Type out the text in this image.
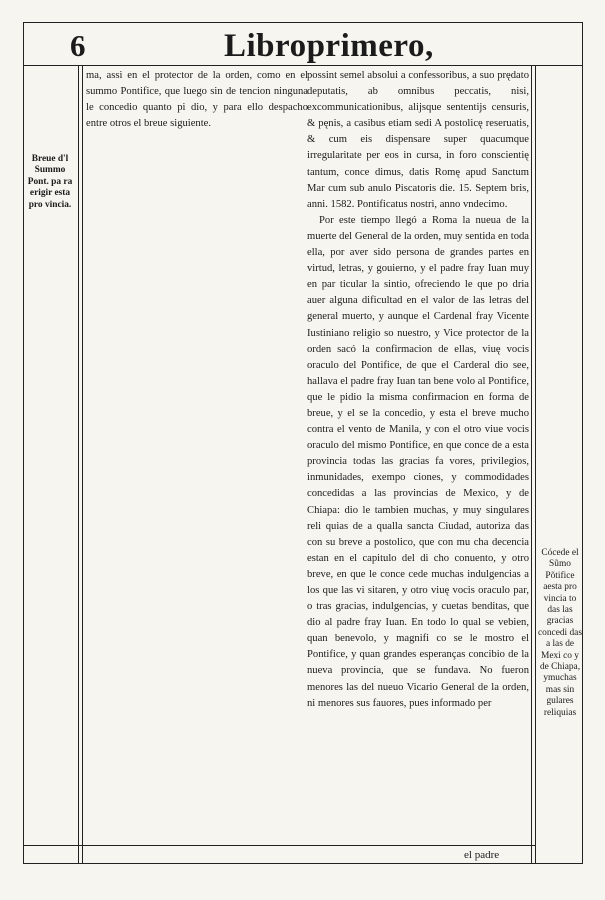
6	Libroprimero,
Breue d'l Summo Pont. pa ra erigir esta pro vincia.
Cócede el Sũmo Põtifice aesta pro vincia to das las gracias concedi das a las de Mexi co y de Chiapa, ymuchas mas sin gulares reliquias

ma, assi en el protector de la orden, como en el summo Pontifice, que luego sin de tencion ninguna le concedio quanto pi dio, y para ello despacho entre otros el breue siguiente.

possint semel absolui a confessoribus, a suo prędato deputatis, ab omnibus peccatis, nisi, excommunicationibus, alijsque sententijs censuris, & pęnis, a casibus etiam sedi A postolicę reseruatis, & cum eis dispensare super quacumque irregularitate per eos in cursa, in foro conscientię tantum, conce dimus, datis Romę apud Sanctum Mar cum sub anulo Piscatoris die. 15. Septem bris, anni. 1582. Pontificatus nostri, anno vndecimo.

Por este tiempo llegó a Roma la nueua de la muerte del General de la orden, muy sentida en toda ella, por aver sido persona de grandes partes en virtud, letras, y gouierno, y el padre fray Iuan muy en par ticular la sintio, ofreciendo le que po dria auer alguna dificultad en el valor de las letras del general muerto, y aunque el Cardenal fray Vicente Iustiniano religio so nuestro, y Vice protector de la orden sacó la confirmacion de ellas, viuę vocis oraculo del Pontifice, de que el Carderal dio see, hallava el padre fray Iuan tan bene volo al Pontifice, que le pidio la misma confirmacion en forma de breue, y el se la concedio, y esta el breve mucho contra el vento de Manila, y con el otro viue vocis oraculo del mismo Pontifice, en que conce de a esta provincia todas las gracias fa vores, privilegios, inmunidades, exempo ciones, y commodidades concedidas a las provincias de Mexico, y de Chiapa: dio le tambien muchas, y muy singulares reli quias de a qualla sancta Ciudad, autoriza das con su breve a postolico, que con mu cha decencia estan en el capitulo del di cho conuento, y otro breve, en que le conce cede muchas indulgencias a los que las vi sitaren, y otro viuę vocis oraculo par, o tras gracias, indulgencias, y cuetas benditas, que dio al padre fray Iuan. En todo lo qual se vebien, quan benevolo, y magnifi co se le mostro el Pontifice, y quan grandes esperanças concibio de la nueva provincia, que se fundava. No fueron menores las del nueuo Vicario General de la orden, ni menores sus fauores, pues informado per

el padre
